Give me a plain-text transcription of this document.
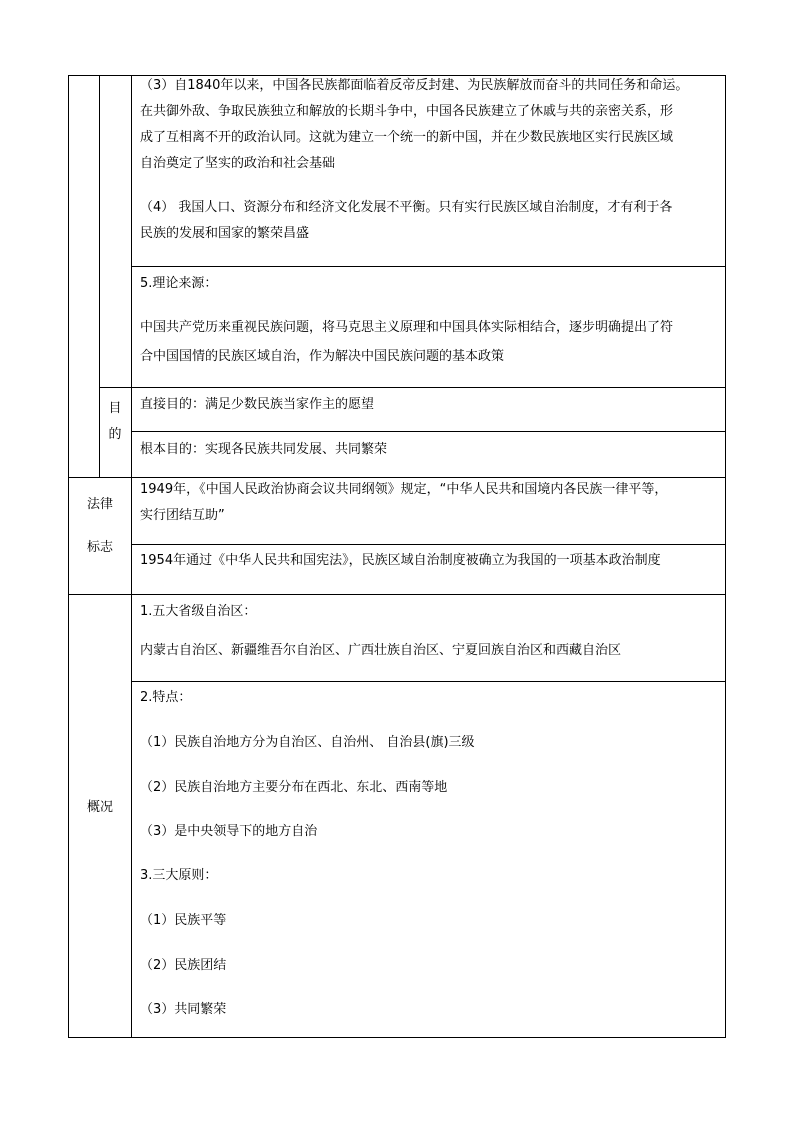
（3）自1840年以来，中国各民族都面临着反帝反封建、为民族解放而奋斗的共同任务和命运。
在共御外敌、争取民族独立和解放的长期斗争中，中国各民族建立了休戚与共的亲密关系，形
成了互相离不开的政治认同。这就为建立一个统一的新中国，并在少数民族地区实行民族区域
自治奠定了坚实的政治和社会基础
（4） 我国人口、资源分布和经济文化发展不平衡。只有实行民族区域自治制度，才有利于各
民族的发展和国家的繁荣昌盛
5.理论来源：
中国共产党历来重视民族问题，将马克思主义原理和中国具体实际相结合，逐步明确提出了符
合中国国情的民族区域自治，作为解决中国民族问题的基本政策
目
的
直接目的：满足少数民族当家作主的愿望
根本目的：实现各民族共同发展、共同繁荣
法律
标志
1949年，《中国人民政治协商会议共同纲领》规定，“中华人民共和国境内各民族一律平等，
实行团结互助”
1954年通过《中华人民共和国宪法》，民族区域自治制度被确立为我国的一项基本政治制度
概况
1.五大省级自治区：
内蒙古自治区、新疆维吾尔自治区、广西壮族自治区、宁夏回族自治区和西藏自治区
2.特点：
（1）民族自治地方分为自治区、自治州、 自治县(旗)三级
（2）民族自治地方主要分布在西北、东北、西南等地
（3）是中央领导下的地方自治
3.三大原则：
（1）民族平等
（2）民族团结
（3）共同繁荣
